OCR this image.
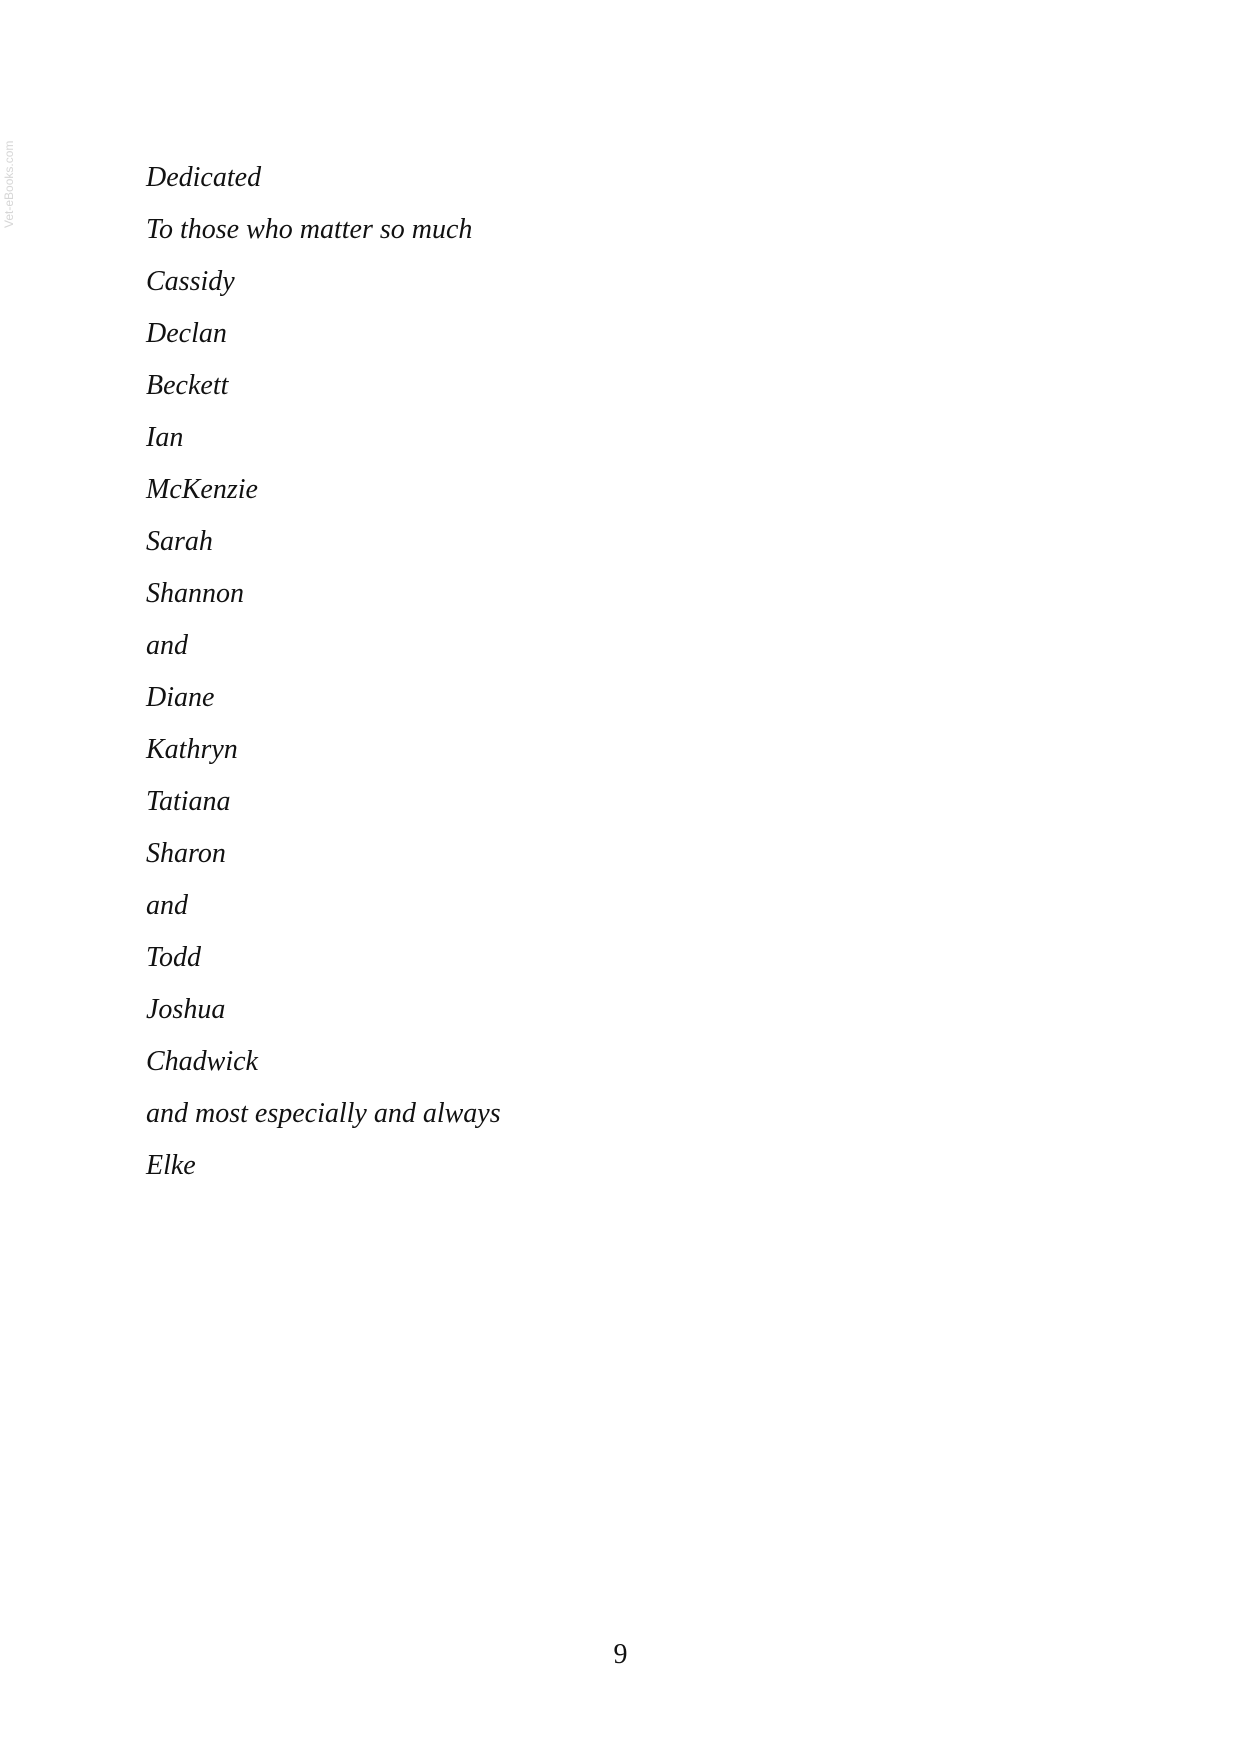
Vet-eBooks.com	Dedicated
To those who matter so much
Cassidy
Declan
Beckett
Ian
McKenzie
Sarah
Shannon
and
Diane
Kathryn
Tatiana
Sharon
and
Todd
Joshua
Chadwick
and most especially and always
Elke
9
